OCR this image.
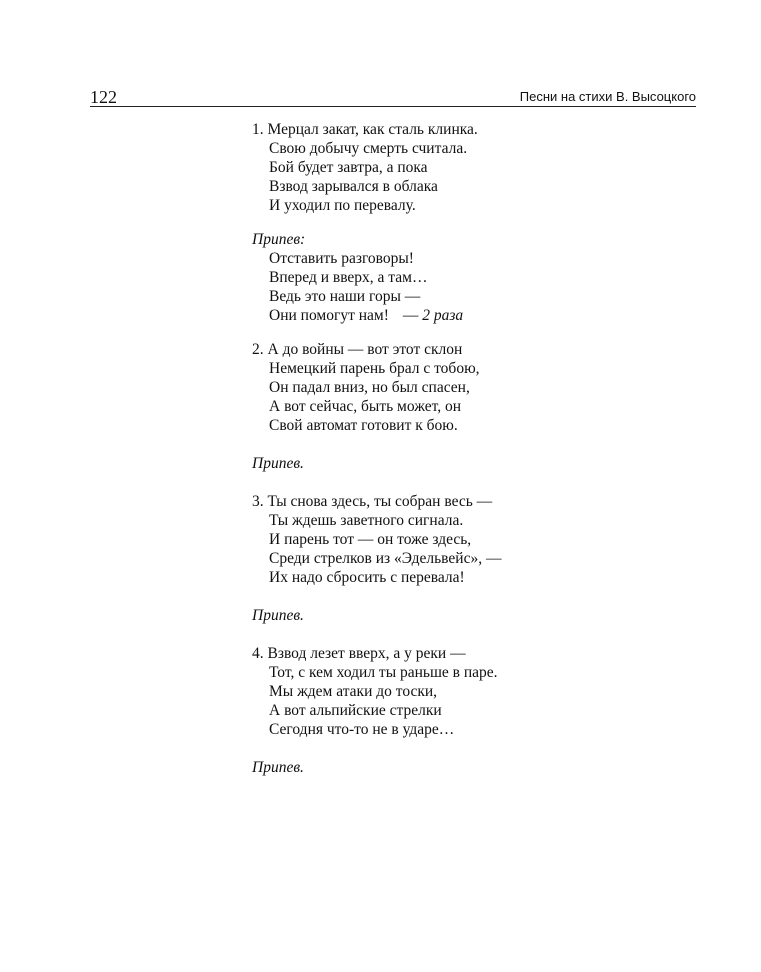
122	Песни на стихи В. Высоцкого
1. Мерцал закат, как сталь клинка.
Свою добычу смерть считала.
Бой будет завтра, а пока
Взвод зарывался в облака
И уходил по перевалу.
Припев:
Отставить разговоры!
Вперед и вверх, а там…
Ведь это наши горы —
Они помогут нам! — 2 раза
2. А до войны — вот этот склон
Немецкий парень брал с тобою,
Он падал вниз, но был спасен,
А вот сейчас, быть может, он
Свой автомат готовит к бою.
Припев.
3. Ты снова здесь, ты собран весь —
Ты ждешь заветного сигнала.
И парень тот — он тоже здесь,
Среди стрелков из «Эдельвейс», —
Их надо сбросить с перевала!
Припев.
4. Взвод лезет вверх, а у реки —
Тот, с кем ходил ты раньше в паре.
Мы ждем атаки до тоски,
А вот альпийские стрелки
Сегодня что-то не в ударе…
Припев.
